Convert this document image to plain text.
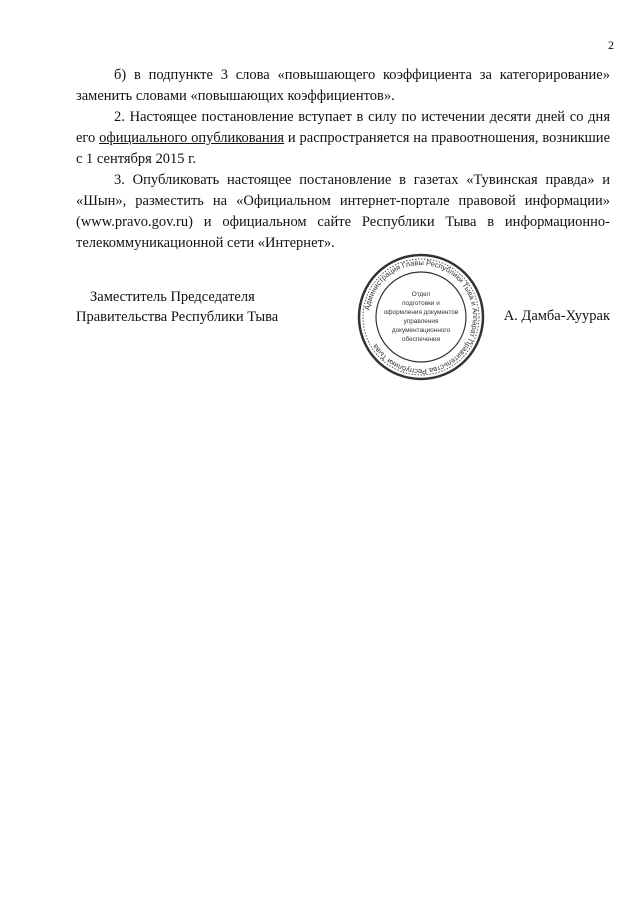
2

б) в подпункте 3 слова «повышающего коэффициента за категорирование» заменить словами «повышающих коэффициентов».

2. Настоящее постановление вступает в силу по истечении десяти дней со дня его официального опубликования и распространяется на правоотношения, возникшие с 1 сентября 2015 г.

3. Опубликовать настоящее постановление в газетах «Тувинская правда» и «Шын», разместить на «Официальном интернет-портале правовой информации» (www.pravo.gov.ru) и официальном сайте Республики Тыва в информационно-телекоммуникационной сети «Интернет».

Заместитель Председателя
Правительства Республики Тыва
Администрация Главы Республики Тыва и Аппарат Правительства Республики Тыва
Отдел
подготовки и
оформления документов
управления
документационного
обеспечения
А. Дамба-Хуурак
